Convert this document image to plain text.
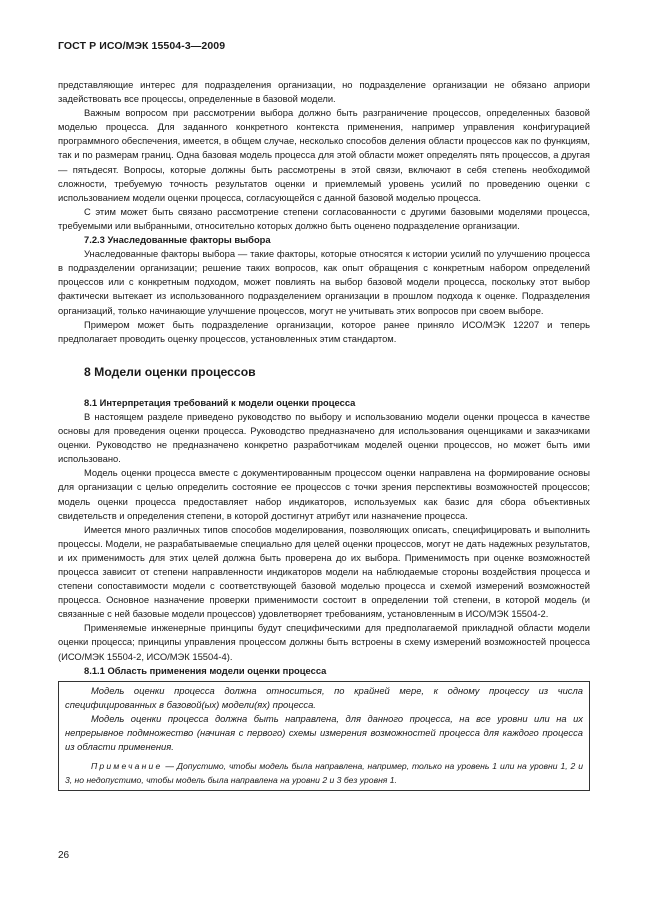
ГОСТ Р ИСО/МЭК 15504-3—2009

представляющие интерес для подразделения организации, но подразделение организации не обязано априори задействовать все процессы, определенные в базовой модели.

Важным вопросом при рассмотрении выбора должно быть разграничение процессов, определенных базовой моделью процесса. Для заданного конкретного контекста применения, например управления конфигурацией программного обеспечения, имеется, в общем случае, несколько способов деления области процессов как по функциям, так и по размерам границ. Одна базовая модель процесса для этой области может определять пять процессов, а другая — пятьдесят. Вопросы, которые должны быть рассмотрены в этой связи, включают в себя степень необходимой сложности, требуемую точность результатов оценки и приемлемый уровень усилий по проведению оценки с использованием модели оценки процесса, согласующейся с данной базовой моделью процесса.

С этим может быть связано рассмотрение степени согласованности с другими базовыми моделями процесса, требуемыми или выбранными, относительно которых должно быть оценено подразделение организации.

7.2.3 Унаследованные факторы выбора

Унаследованные факторы выбора — такие факторы, которые относятся к истории усилий по улучшению процесса в подразделении организации; решение таких вопросов, как опыт обращения с конкретным набором определений процессов или с конкретным подходом, может повлиять на выбор базовой модели процесса, поскольку этот выбор фактически вытекает из использованного подразделением организации в прошлом подхода к оценке. Подразделения организаций, только начинающие улучшение процессов, могут не учитывать этих вопросов при своем выборе.

Примером может быть подразделение организации, которое ранее приняло ИСО/МЭК 12207 и теперь предполагает проводить оценку процессов, установленных этим стандартом.

8 Модели оценки процессов

8.1 Интерпретация требований к модели оценки процесса

В настоящем разделе приведено руководство по выбору и использованию модели оценки процесса в качестве основы для проведения оценки процесса. Руководство предназначено для использования оценщиками и заказчиками оценки. Руководство не предназначено конкретно разработчикам моделей оценки процессов, но может быть ими использовано.

Модель оценки процесса вместе с документированным процессом оценки направлена на формирование основы для организации с целью определить состояние ее процессов с точки зрения перспективы возможностей процессов; модель оценки процесса предоставляет набор индикаторов, используемых как базис для сбора объективных свидетельств и определения степени, в которой достигнут атрибут или назначение процесса.

Имеется много различных типов способов моделирования, позволяющих описать, специфицировать и выполнить процессы. Модели, не разрабатываемые специально для целей оценки процессов, могут не дать надежных результатов, и их применимость для этих целей должна быть проверена до их выбора. Применимость при оценке возможностей процесса зависит от степени направленности индикаторов модели на наблюдаемые стороны воздействия процесса и степени сопоставимости модели с соответствующей базовой моделью процесса и схемой измерений возможностей процесса. Основное назначение проверки применимости состоит в определении той степени, в которой модель (и связанные с ней базовые модели процессов) удовлетворяет требованиям, установленным в ИСО/МЭК 15504-2.

Применяемые инженерные принципы будут специфическими для предполагаемой прикладной области модели оценки процесса; принципы управления процессом должны быть встроены в схему измерений возможностей процесса (ИСО/МЭК 15504-2, ИСО/МЭК 15504-4).

8.1.1 Область применения модели оценки процесса

Модель оценки процесса должна относиться, по крайней мере, к одному процессу из числа специфицированных в базовой(ых) модели(ях) процесса.

Модель оценки процесса должна быть направлена, для данного процесса, на все уровни или на их непрерывное подмножество (начиная с первого) схемы измерения возможностей процесса для каждого процесса из области применения.

Примечание — Допустимо, чтобы модель была направлена, например, только на уровень 1 или на уровни 1, 2 и 3, но недопустимо, чтобы модель была направлена на уровни 2 и 3 без уровня 1.

26
